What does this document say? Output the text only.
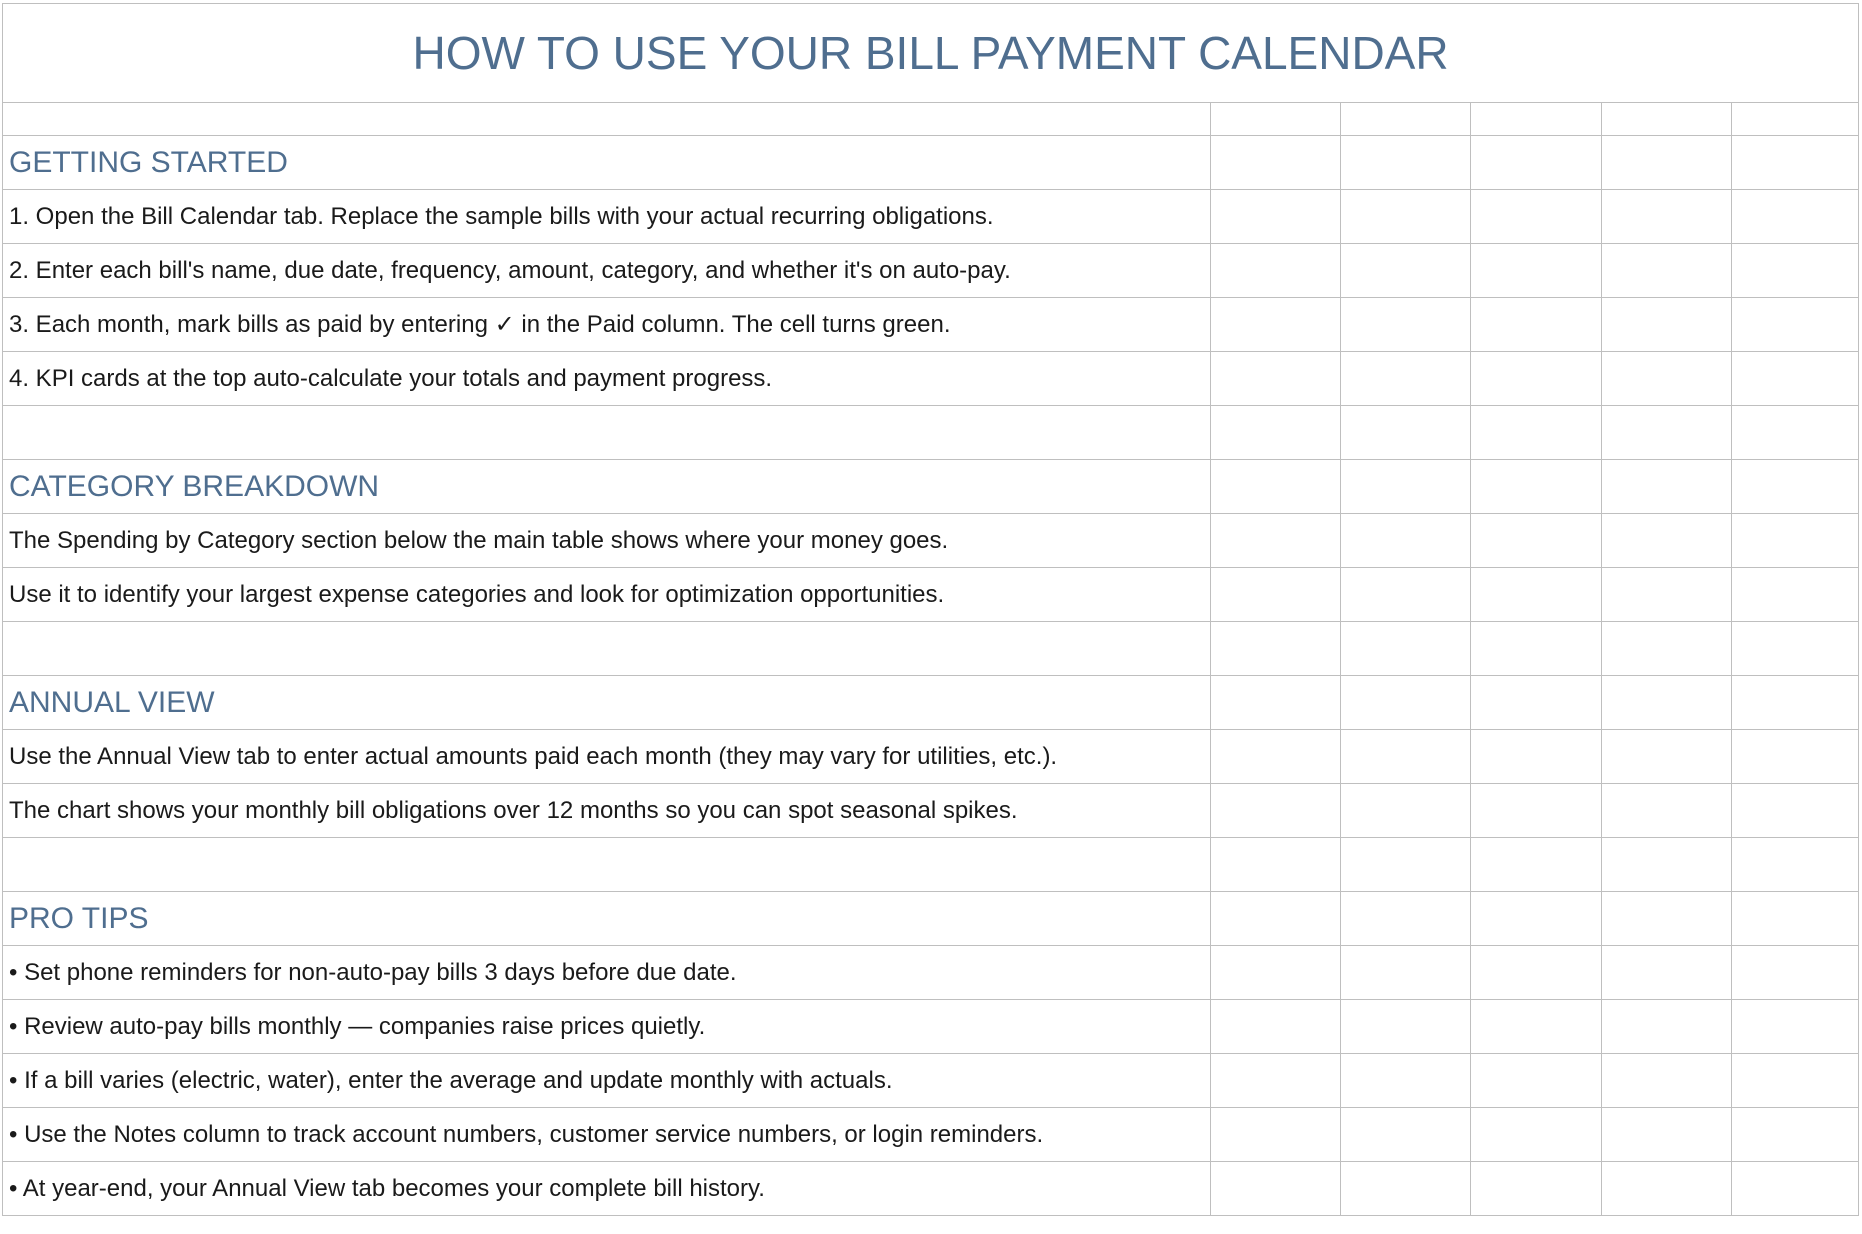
HOW TO USE YOUR BILL PAYMENT CALENDAR					

GETTING STARTED					
1. Open the Bill Calendar tab. Replace the sample bills with your actual recurring obligations.					
2. Enter each bill's name, due date, frequency, amount, category, and whether it's on auto-pay.					
3. Each month, mark bills as paid by entering ✓ in the Paid column. The cell turns green.					
4. KPI cards at the top auto-calculate your totals and payment progress.					

CATEGORY BREAKDOWN					
The Spending by Category section below the main table shows where your money goes.					
Use it to identify your largest expense categories and look for optimization opportunities.					

ANNUAL VIEW					
Use the Annual View tab to enter actual amounts paid each month (they may vary for utilities, etc.).					
The chart shows your monthly bill obligations over 12 months so you can spot seasonal spikes.					

PRO TIPS					
• Set phone reminders for non-auto-pay bills 3 days before due date.					
• Review auto-pay bills monthly — companies raise prices quietly.					
• If a bill varies (electric, water), enter the average and update monthly with actuals.					
• Use the Notes column to track account numbers, customer service numbers, or login reminders.					
• At year-end, your Annual View tab becomes your complete bill history.					
